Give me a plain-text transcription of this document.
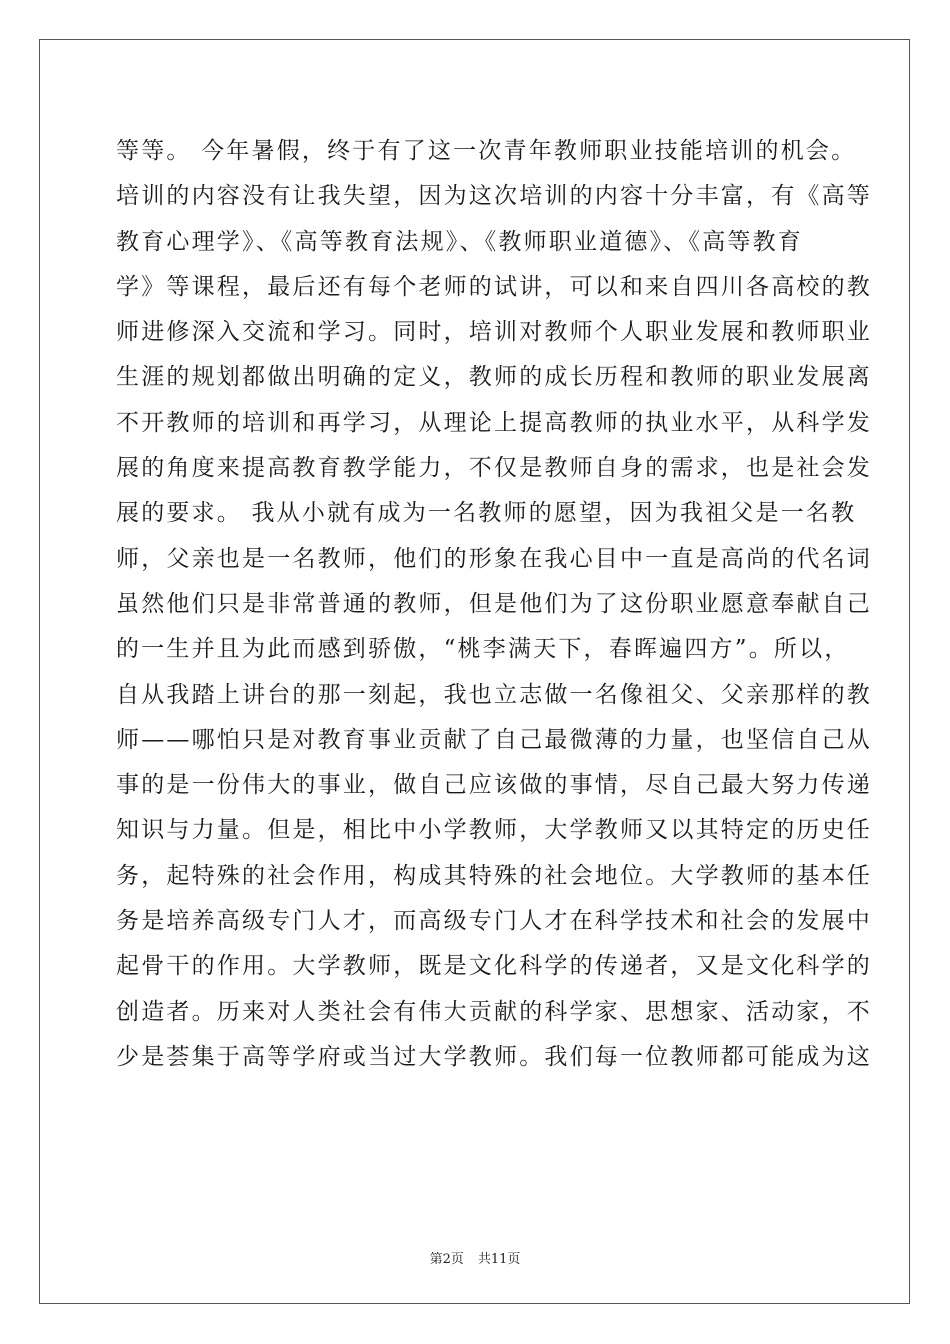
等等。 今年暑假，终于有了这一次青年教师职业技能培训的机会。
培训的内容没有让我失望，因为这次培训的内容十分丰富，有《高等
教育心理学》、《高等教育法规》、《教师职业道德》、《高等教育
学》等课程，最后还有每个老师的试讲，可以和来自四川各高校的教
师进修深入交流和学习。同时，培训对教师个人职业发展和教师职业
生涯的规划都做出明确的定义，教师的成长历程和教师的职业发展离
不开教师的培训和再学习，从理论上提高教师的执业水平，从科学发
展的角度来提高教育教学能力，不仅是教师自身的需求，也是社会发
展的要求。 我从小就有成为一名教师的愿望，因为我祖父是一名教
师，父亲也是一名教师，他们的形象在我心目中一直是高尚的代名词
虽然他们只是非常普通的教师，但是他们为了这份职业愿意奉献自己
的一生并且为此而感到骄傲，“桃李满天下，春晖遍四方”。所以，
自从我踏上讲台的那一刻起，我也立志做一名像祖父、父亲那样的教
师——哪怕只是对教育事业贡献了自己最微薄的力量，也坚信自己从
事的是一份伟大的事业，做自己应该做的事情，尽自己最大努力传递
知识与力量。但是，相比中小学教师，大学教师又以其特定的历史任
务，起特殊的社会作用，构成其特殊的社会地位。大学教师的基本任
务是培养高级专门人才，而高级专门人才在科学技术和社会的发展中
起骨干的作用。大学教师，既是文化科学的传递者，又是文化科学的
创造者。历来对人类社会有伟大贡献的科学家、思想家、活动家，不
少是荟集于高等学府或当过大学教师。我们每一位教师都可能成为这
第2页 共11页
